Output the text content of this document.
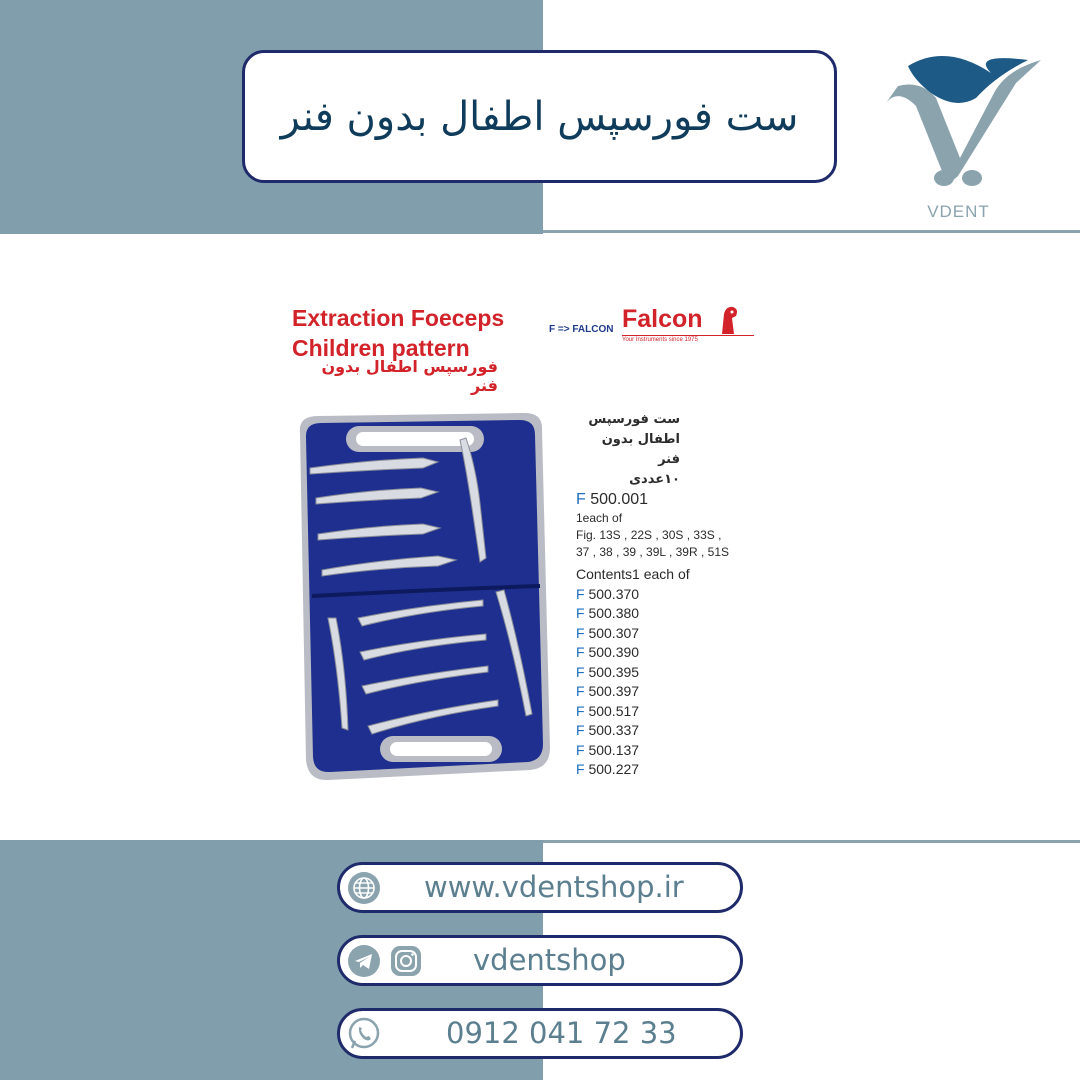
ست فورسپس اطفال بدون فنر
VDENT
Extraction Foeceps
Children pattern
فورسپس اطفال بدون فنر
F => FALCON Falcon
Your Instruments since 1975
ست فورسپس
اطفال بدون فنر
۱۰عددی
F 500.001
1each of
Fig. 13S , 22S , 30S , 33S ,
37 , 38 , 39 , 39L , 39R , 51S
Contents1 each of
F 500.370
F 500.380
F 500.307
F 500.390
F 500.395
F 500.397
F 500.517
F 500.337
F 500.137
F 500.227
www.vdentshop.ir
vdentshop
0912 041 72 33
